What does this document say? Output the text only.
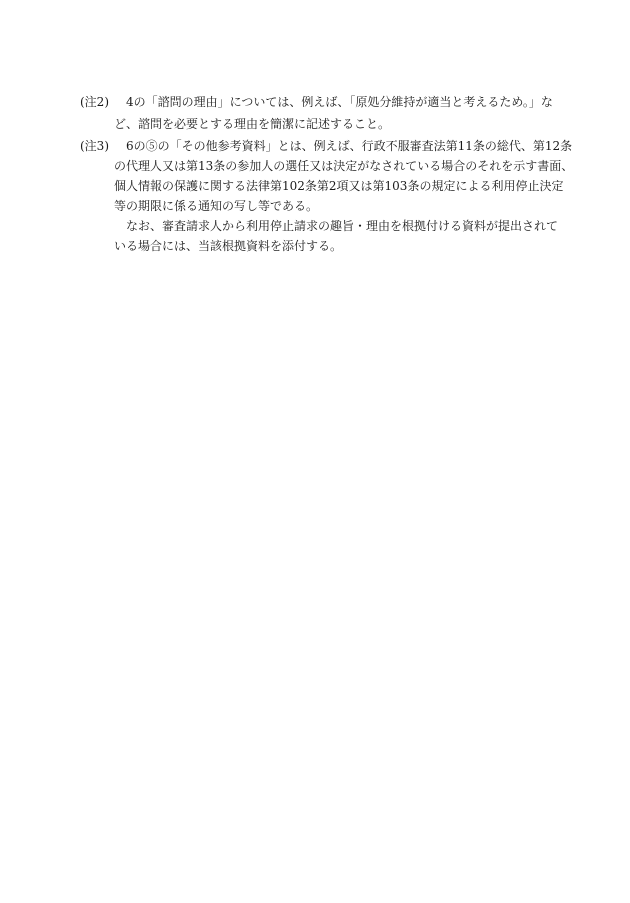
(注2) 4の「諮問の理由」については、例えば、「原処分維持が適当と考えるため。」な
ど、諮問を必要とする理由を簡潔に記述すること。
(注3) 6の⑤の「その他参考資料」とは、例えば、行政不服審査法第11条の総代、第12条
の代理人又は第13条の参加人の選任又は決定がなされている場合のそれを示す書面、
個人情報の保護に関する法律第102条第2項又は第103条の規定による利用停止決定
等の期限に係る通知の写し等である。
なお、審査請求人から利用停止請求の趣旨・理由を根拠付ける資料が提出されて
いる場合には、当該根拠資料を添付する。
